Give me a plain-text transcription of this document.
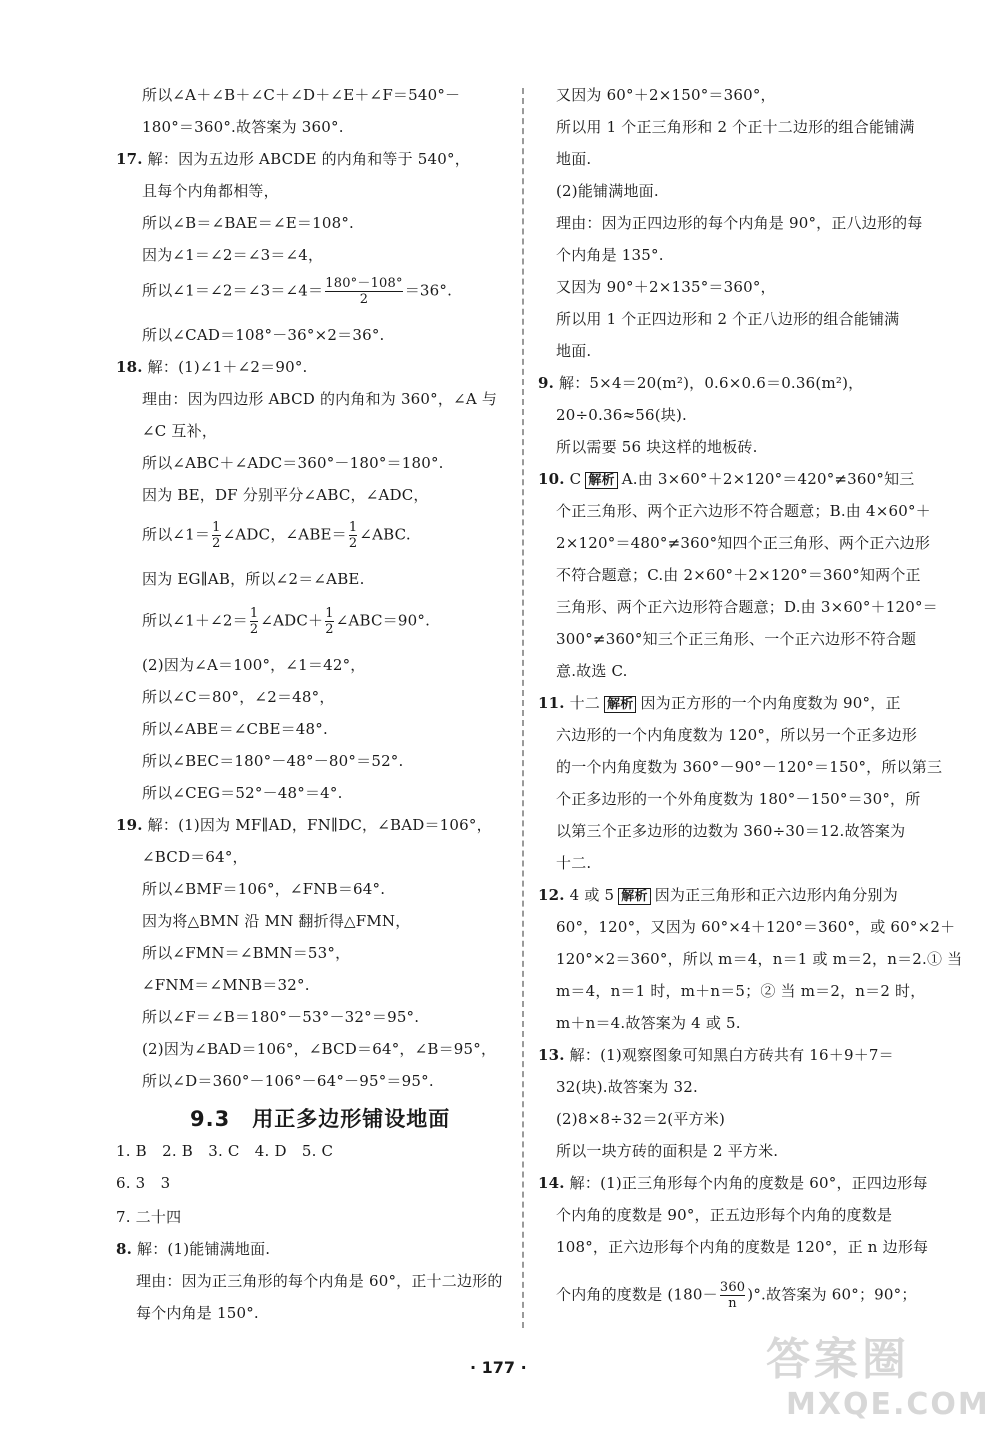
所以∠A＋∠B＋∠C＋∠D＋∠E＋∠F＝540°－
180°＝360°.故答案为 360°.
17. 解：因为五边形 ABCDE 的内角和等于 540°，
且每个内角都相等，
所以∠B＝∠BAE＝∠E＝108°.
因为∠1＝∠2＝∠3＝∠4，
所以∠1＝∠2＝∠3＝∠4＝ $\frac{180^\circ-108^\circ}{2} =36^\circ$.
所以∠CAD＝108°－36°×2＝36°.
18. 解：(1)∠1＋∠2＝90°.
理由：因为四边形 ABCD 的内角和为 360°，∠A 与
∠C 互补，
所以∠ABC＋∠ADC＝360°－180°＝180°.
因为 BE，DF 分别平分∠ABC，∠ADC，
所以∠1＝ $\frac{1}{2}$ ∠ADC，∠ABE＝ $\frac{1}{2}$ ∠ABC.
因为 EG∥AB，所以∠2＝∠ABE.
所以∠1＋∠2＝ $\frac{1}{2}$ ∠ADC＋ $\frac{1}{2}$ ∠ABC＝90°.
(2)因为∠A＝100°，∠1＝42°，
所以∠C＝80°，∠2＝48°，
所以∠ABE＝∠CBE＝48°.
所以∠BEC＝180°－48°－80°＝52°.
所以∠CEG＝52°－48°＝4°.
19. 解：(1)因为 MF∥AD，FN∥DC，∠BAD＝106°，
∠BCD＝64°，
所以∠BMF＝106°，∠FNB＝64°.
因为将△BMN 沿 MN 翻折得△FMN，
所以∠FMN＝∠BMN＝53°，
∠FNM＝∠MNB＝32°.
所以∠F＝∠B＝180°－53°－32°＝95°.
(2)因为∠BAD＝106°，∠BCD＝64°，∠B＝95°，
所以∠D＝360°－106°－64°－95°＝95°.
9.3　用正多边形铺设地面
1. B　2. B　3. C　4. D　5. C
6. 3　3
7. 二十四
8. 解：(1)能铺满地面.
理由：因为正三角形的每个内角是 60°，正十二边形的
每个内角是 150°.
又因为 60°＋2×150°＝360°，
所以用 1 个正三角形和 2 个正十二边形的组合能铺满
地面.
(2)能铺满地面.
理由：因为正四边形的每个内角是 90°，正八边形的每
个内角是 135°.
又因为 90°＋2×135°＝360°，
所以用 1 个正四边形和 2 个正八边形的组合能铺满
地面.
9. 解：5×4＝20(m²)，0.6×0.6＝0.36(m²)，
20÷0.36≈56(块).
所以需要 56 块这样的地板砖.
10. C 解析 A.由 3×60°＋2×120°＝420°≠360°知三
个正三角形、两个正六边形不符合题意；B.由 4×60°＋
2×120°＝480°≠360°知四个正三角形、两个正六边形
不符合题意；C.由 2×60°＋2×120°＝360°知两个正
三角形、两个正六边形符合题意；D.由 3×60°＋120°＝
300°≠360°知三个正三角形、一个正六边形不符合题
意.故选 C.
11. 十二 解析 因为正方形的一个内角度数为 90°，正
六边形的一个内角度数为 120°，所以另一个正多边形
的一个内角度数为 360°－90°－120°＝150°，所以第三
个正多边形的一个外角度数为 180°－150°＝30°，所
以第三个正多边形的边数为 360÷30＝12.故答案为
十二.
12. 4 或 5 解析 因为正三角形和正六边形内角分别为
60°，120°，又因为 60°×4＋120°＝360°，或 60°×2＋
120°×2＝360°，所以 m＝4，n＝1 或 m＝2，n＝2.① 当
m＝4，n＝1 时，m＋n＝5；② 当 m＝2，n＝2 时，
m＋n＝4.故答案为 4 或 5.
13. 解：(1)观察图象可知黑白方砖共有 16＋9＋7＝
32(块).故答案为 32.
(2)8×8÷32＝2(平方米)
所以一块方砖的面积是 2 平方米.
14. 解：(1)正三角形每个内角的度数是 60°，正四边形每
个内角的度数是 90°，正五边形每个内角的度数是
108°，正六边形每个内角的度数是 120°，正 n 边形每
个内角的度数是 ($180- \frac{360}{n}$ )°.故答案为 60°；90°；
· 177 ·	答案圈
MXQE.COM
